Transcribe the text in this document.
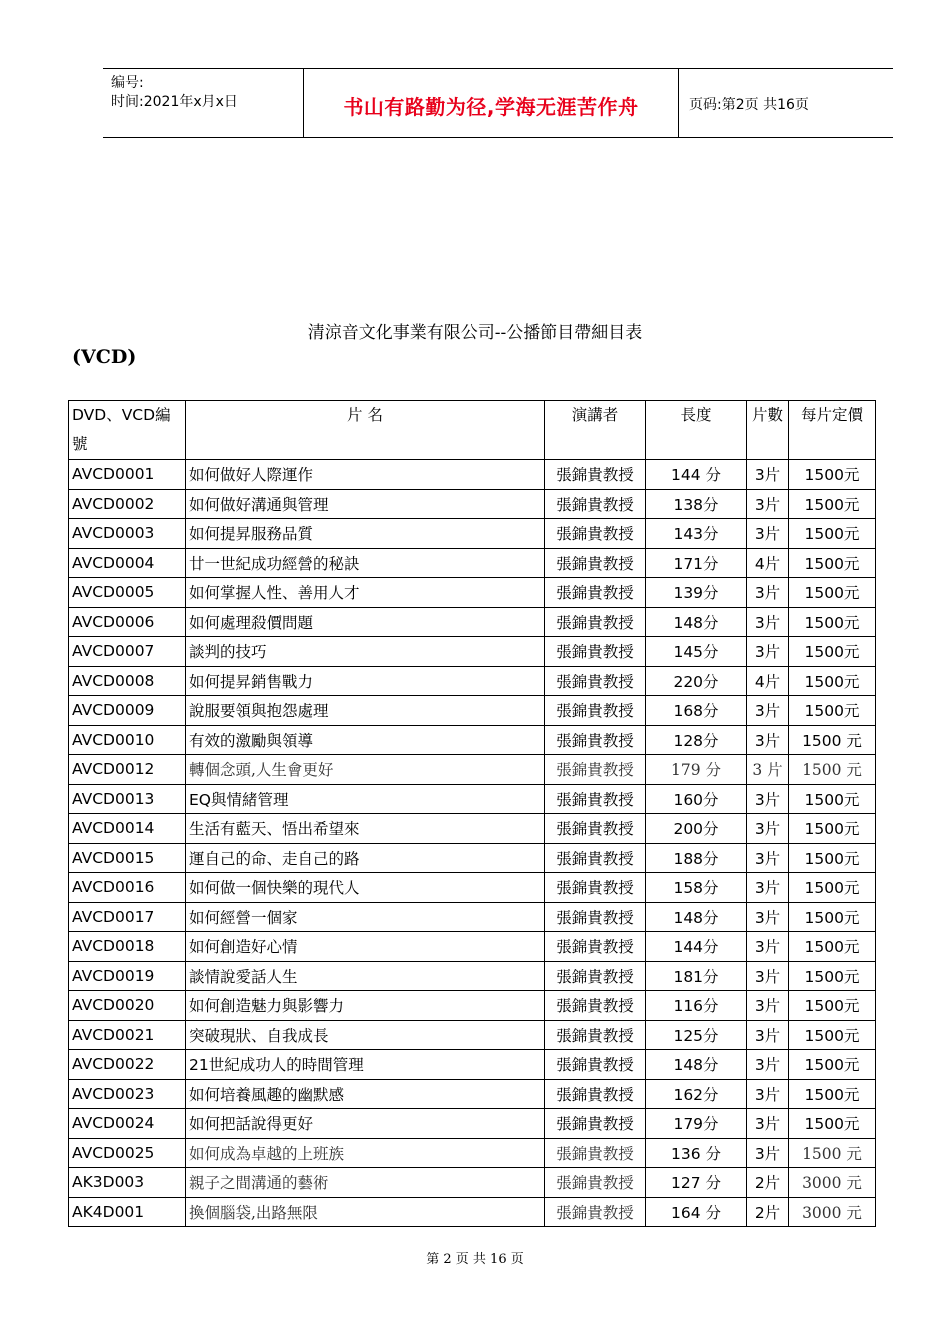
编号:
时间:2021年x月x日	书山有路勤为径,学海无涯苦作舟	页码:第2页 共16页
清涼音文化事業有限公司--公播節目帶細目表
(VCD)
DVD、VCD編號	片 名	演講者	長度	片數	每片定價
AVCD0001	如何做好人際運作	張錦貴教授	144 分	3片	1500元
AVCD0002	如何做好溝通與管理	張錦貴教授	138分	3片	1500元
AVCD0003	如何提昇服務品質	張錦貴教授	143分	3片	1500元
AVCD0004	廿一世紀成功經營的秘訣	張錦貴教授	171分	4片	1500元
AVCD0005	如何掌握人性、善用人才	張錦貴教授	139分	3片	1500元
AVCD0006	如何處理殺價問題	張錦貴教授	148分	3片	1500元
AVCD0007	談判的技巧	張錦貴教授	145分	3片	1500元
AVCD0008	如何提昇銷售戰力	張錦貴教授	220分	4片	1500元
AVCD0009	說服要領與抱怨處理	張錦貴教授	168分	3片	1500元
AVCD0010	有效的激勵與領導	張錦貴教授	128分	3片	1500 元
AVCD0012	轉個念頭,人生會更好	張錦貴教授	179 分	3 片	1500 元
AVCD0013	EQ與情緒管理	張錦貴教授	160分	3片	1500元
AVCD0014	生活有藍天、悟出希望來	張錦貴教授	200分	3片	1500元
AVCD0015	運自己的命、走自己的路	張錦貴教授	188分	3片	1500元
AVCD0016	如何做一個快樂的現代人	張錦貴教授	158分	3片	1500元
AVCD0017	如何經營一個家	張錦貴教授	148分	3片	1500元
AVCD0018	如何創造好心情	張錦貴教授	144分	3片	1500元
AVCD0019	談情說愛話人生	張錦貴教授	181分	3片	1500元
AVCD0020	如何創造魅力與影響力	張錦貴教授	116分	3片	1500元
AVCD0021	突破現狀、自我成長	張錦貴教授	125分	3片	1500元
AVCD0022	21世紀成功人的時間管理	張錦貴教授	148分	3片	1500元
AVCD0023	如何培養風趣的幽默感	張錦貴教授	162分	3片	1500元
AVCD0024	如何把話說得更好	張錦貴教授	179分	3片	1500元
AVCD0025	如何成為卓越的上班族	張錦貴教授	136 分	3片	1500 元
AK3D003	親子之間溝通的藝術	張錦貴教授	127 分	2片	3000 元
AK4D001	換個腦袋,出路無限	張錦貴教授	164 分	2片	3000 元
第 2 页 共 16 页
